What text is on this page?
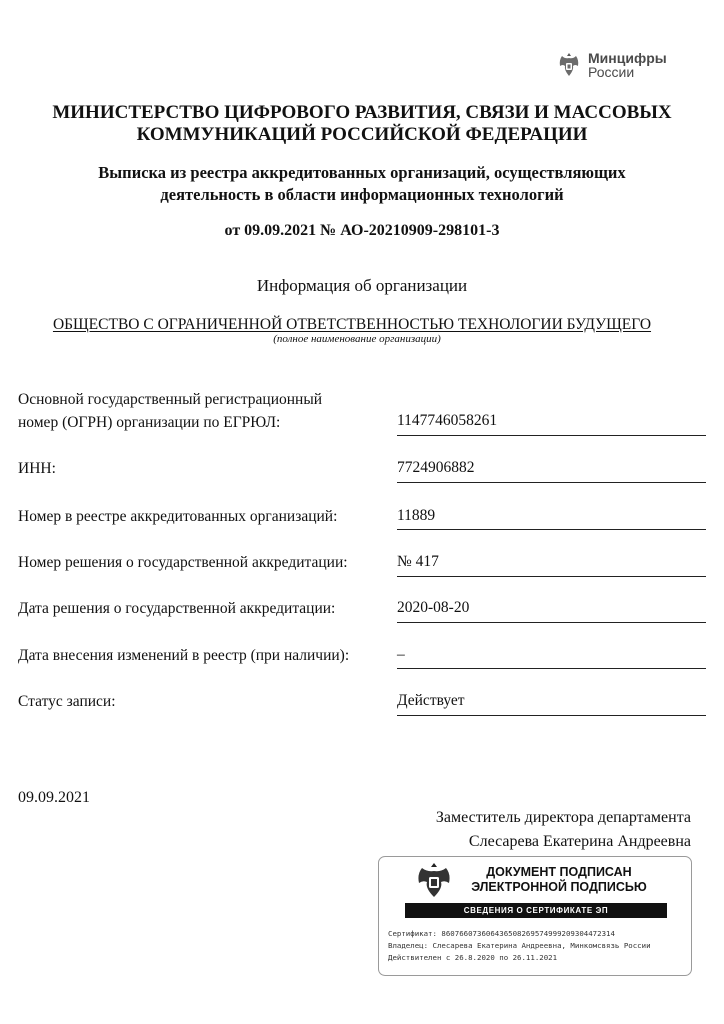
Минцифры
России
МИНИСТЕРСТВО ЦИФРОВОГО РАЗВИТИЯ, СВЯЗИ И МАССОВЫХ
КОММУНИКАЦИЙ РОССИЙСКОЙ ФЕДЕРАЦИИ
Выписка из реестра аккредитованных организаций, осуществляющих
деятельность в области информационных технологий
от 09.09.2021 № АО-20210909-298101-3
Информация об организации
ОБЩЕСТВО С ОГРАНИЧЕННОЙ ОТВЕТСТВЕННОСТЬЮ ТЕХНОЛОГИИ БУДУЩЕГО
(полное наименование организации)
Основной государственный регистрационный
номер (ОГРН) организации по ЕГРЮЛ:	1147746058261
ИНН:	7724906882
Номер в реестре аккредитованных организаций:	11889
Номер решения о государственной аккредитации:	№ 417
Дата решения о государственной аккредитации:	2020-08-20
Дата внесения изменений в реестр (при наличии):	–
Статус записи:	Действует
09.09.2021
Заместитель директора департамента
Слесарева Екатерина Андреевна
ДОКУМЕНТ ПОДПИСАН
ЭЛЕКТРОННОЙ ПОДПИСЬЮ
СВЕДЕНИЯ О СЕРТИФИКАТЕ ЭП
Сертификат: 860766073606436508269574999209304472314
Владелец: Слесарева Екатерина Андреевна, Минкомсвязь России
Действителен с 26.8.2020 по 26.11.2021
